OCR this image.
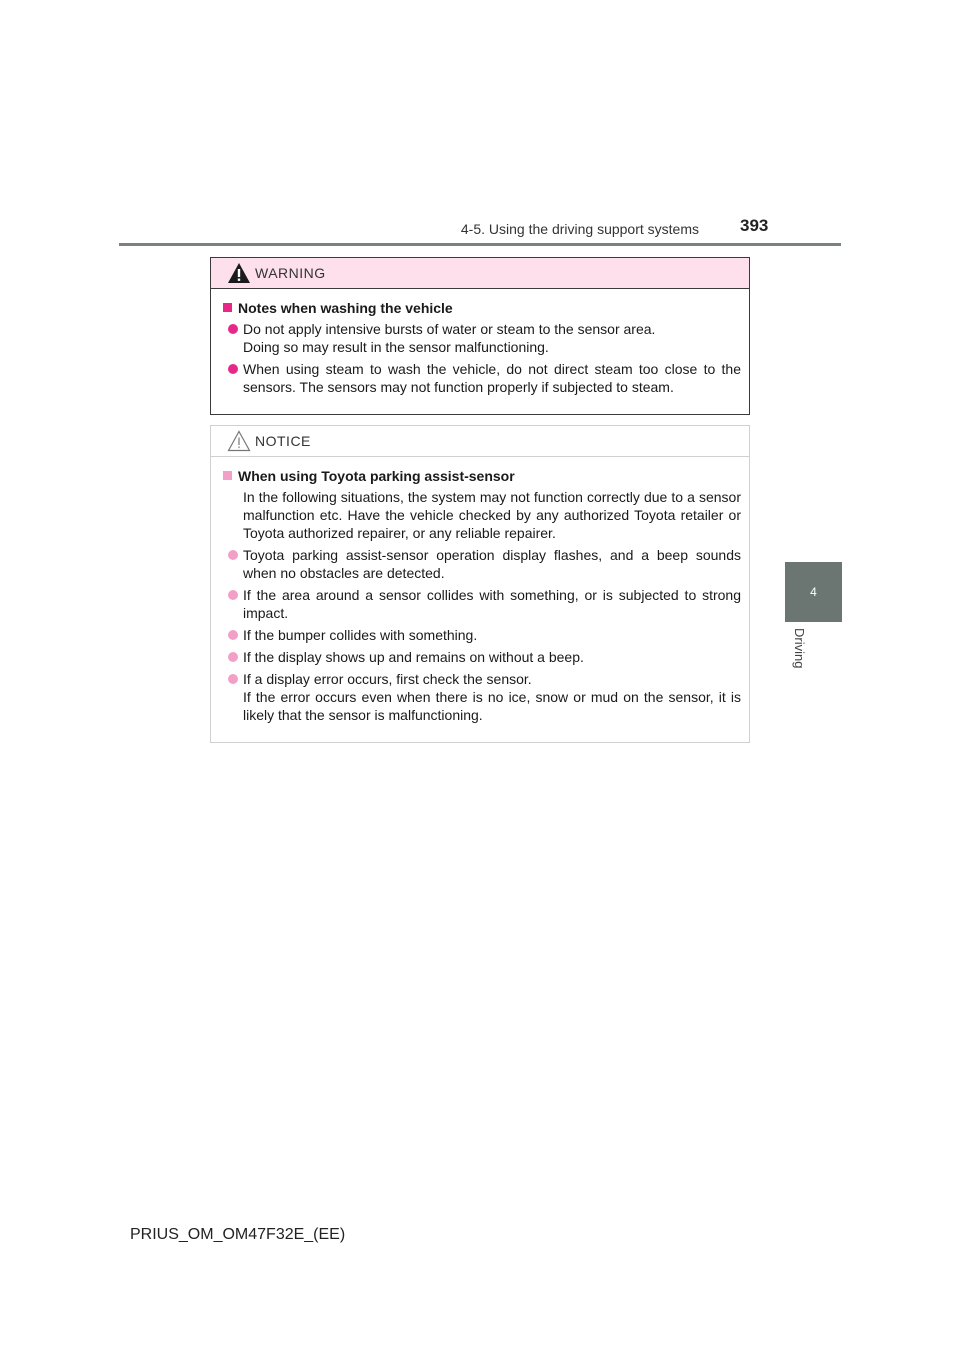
4-5. Using the driving support systems 393
4
Driving
WARNING
Notes when washing the vehicle
Do not apply intensive bursts of water or steam to the sensor area.
Doing so may result in the sensor malfunctioning.
When using steam to wash the vehicle, do not direct steam too close to the sensors. The sensors may not function properly if subjected to steam.
NOTICE
When using Toyota parking assist-sensor
In the following situations, the system may not function correctly due to a sensor malfunction etc. Have the vehicle checked by any authorized Toyota retailer or Toyota authorized repairer, or any reliable repairer.
Toyota parking assist-sensor operation display flashes, and a beep sounds when no obstacles are detected.
If the area around a sensor collides with something, or is subjected to strong impact.
If the bumper collides with something.
If the display shows up and remains on without a beep.
If a display error occurs, first check the sensor.
If the error occurs even when there is no ice, snow or mud on the sensor, it is likely that the sensor is malfunctioning.
PRIUS_OM_OM47F32E_(EE)
